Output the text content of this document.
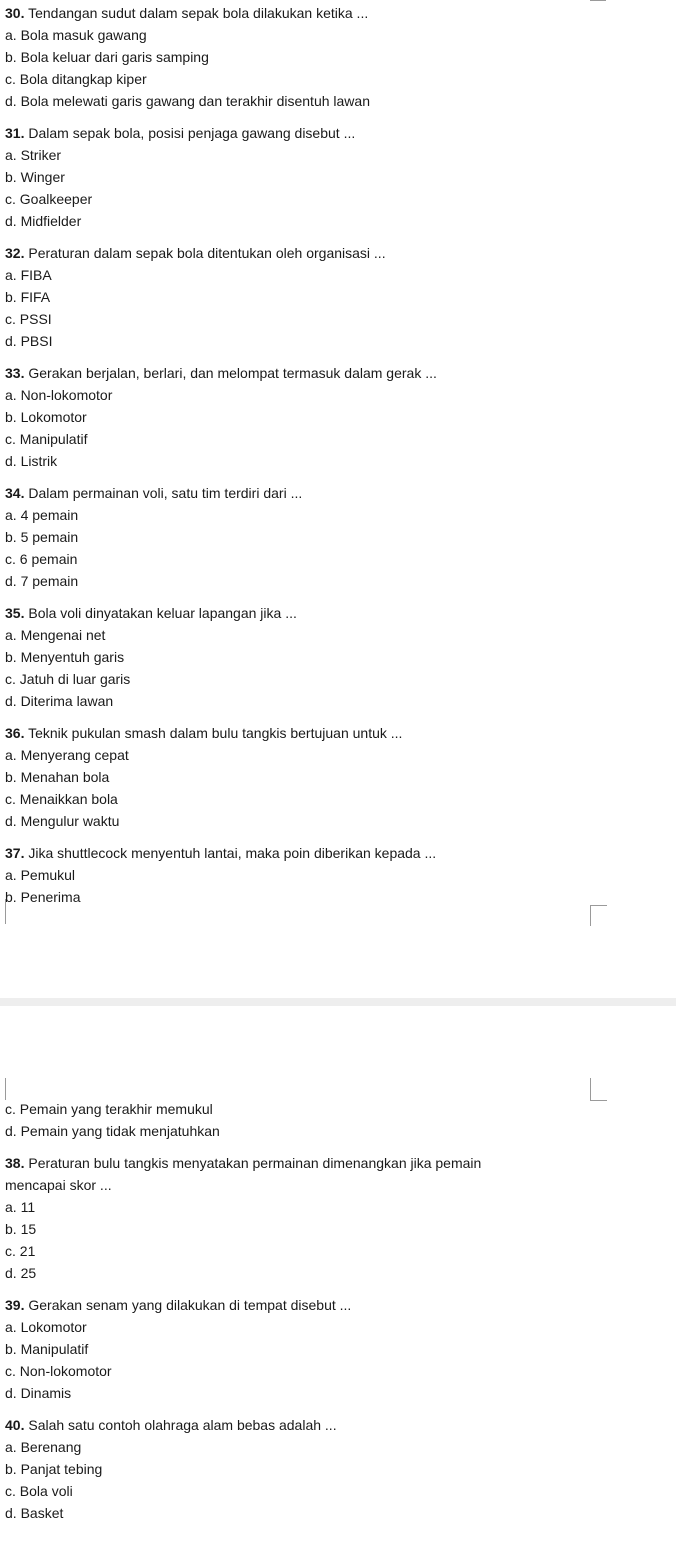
30. Tendangan sudut dalam sepak bola dilakukan ketika ...
a. Bola masuk gawang
b. Bola keluar dari garis samping
c. Bola ditangkap kiper
d. Bola melewati garis gawang dan terakhir disentuh lawan
31. Dalam sepak bola, posisi penjaga gawang disebut ...
a. Striker
b. Winger
c. Goalkeeper
d. Midfielder
32. Peraturan dalam sepak bola ditentukan oleh organisasi ...
a. FIBA
b. FIFA
c. PSSI
d. PBSI
33. Gerakan berjalan, berlari, dan melompat termasuk dalam gerak ...
a. Non-lokomotor
b. Lokomotor
c. Manipulatif
d. Listrik
34. Dalam permainan voli, satu tim terdiri dari ...
a. 4 pemain
b. 5 pemain
c. 6 pemain
d. 7 pemain
35. Bola voli dinyatakan keluar lapangan jika ...
a. Mengenai net
b. Menyentuh garis
c. Jatuh di luar garis
d. Diterima lawan
36. Teknik pukulan smash dalam bulu tangkis bertujuan untuk ...
a. Menyerang cepat
b. Menahan bola
c. Menaikkan bola
d. Mengulur waktu
37. Jika shuttlecock menyentuh lantai, maka poin diberikan kepada ...
a. Pemukul
b. Penerima
c. Pemain yang terakhir memukul
d. Pemain yang tidak menjatuhkan
38. Peraturan bulu tangkis menyatakan permainan dimenangkan jika pemain
mencapai skor ...
a. 11
b. 15
c. 21
d. 25
39. Gerakan senam yang dilakukan di tempat disebut ...
a. Lokomotor
b. Manipulatif
c. Non-lokomotor
d. Dinamis
40. Salah satu contoh olahraga alam bebas adalah ...
a. Berenang
b. Panjat tebing
c. Bola voli
d. Basket
